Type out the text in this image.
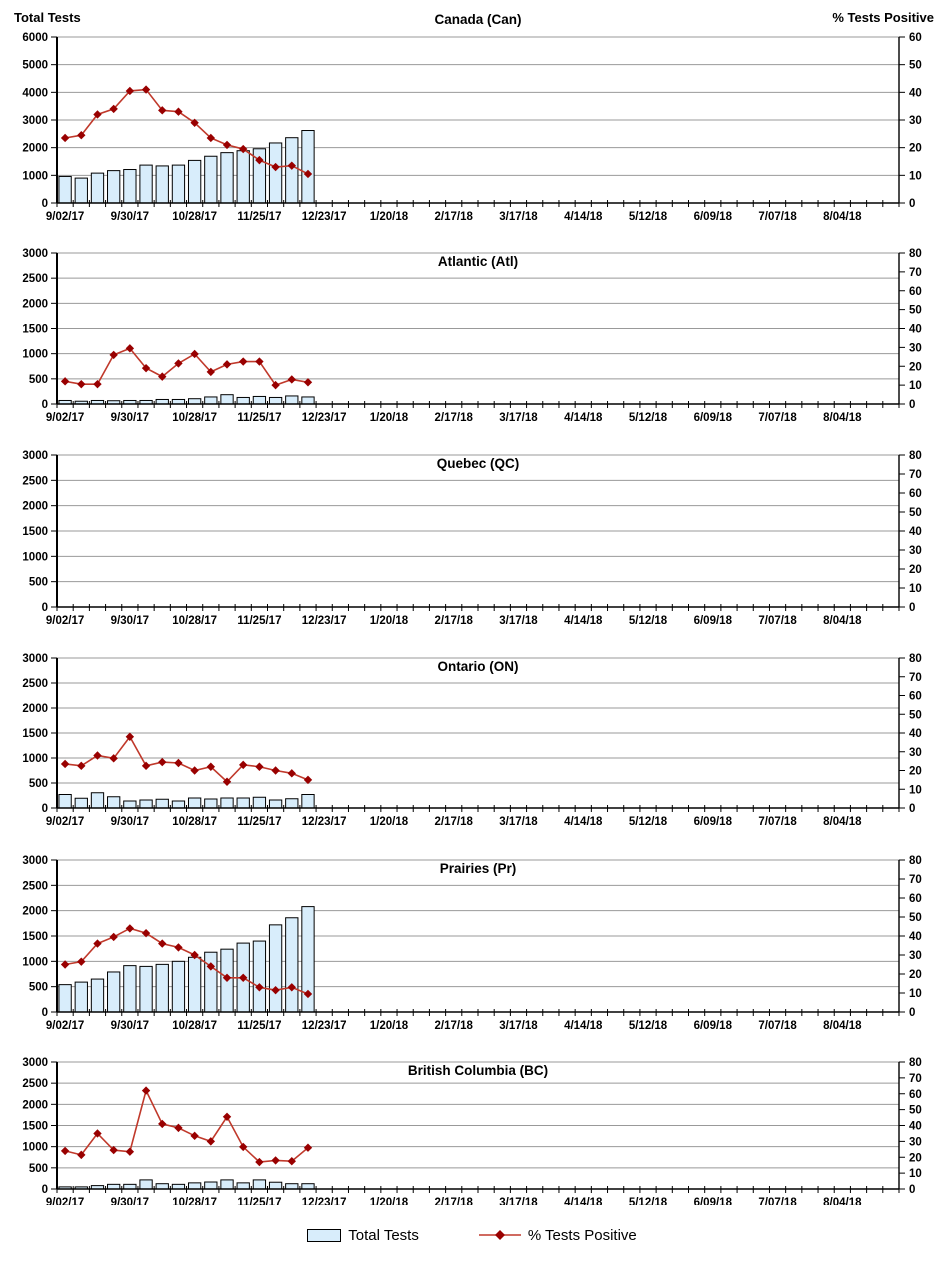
Total Tests	Canada (Can)	% Tests Positive
0
1000
2000
3000
4000
5000
6000
0
10
20
30
40
50
60
9/02/17 9/30/17 10/28/17 11/25/17 12/23/17 1/20/18 2/17/18 3/17/18 4/14/18 5/12/18 6/09/18 7/07/18 8/04/18
Atlantic (Atl)
0
500
1000
1500
2000
2500
3000
0
10
20
30
40
50
60
70
80
9/02/17 9/30/17 10/28/17 11/25/17 12/23/17 1/20/18 2/17/18 3/17/18 4/14/18 5/12/18 6/09/18 7/07/18 8/04/18
Quebec (QC)
0
500
1000
1500
2000
2500
3000
0
10
20
30
40
50
60
70
80
9/02/17 9/30/17 10/28/17 11/25/17 12/23/17 1/20/18 2/17/18 3/17/18 4/14/18 5/12/18 6/09/18 7/07/18 8/04/18
Ontario (ON)
0
500
1000
1500
2000
2500
3000
0
10
20
30
40
50
60
70
80
9/02/17 9/30/17 10/28/17 11/25/17 12/23/17 1/20/18 2/17/18 3/17/18 4/14/18 5/12/18 6/09/18 7/07/18 8/04/18
Prairies (Pr)
0
500
1000
1500
2000
2500
3000
0
10
20
30
40
50
60
70
80
9/02/17 9/30/17 10/28/17 11/25/17 12/23/17 1/20/18 2/17/18 3/17/18 4/14/18 5/12/18 6/09/18 7/07/18 8/04/18
British Columbia (BC)
0
500
1000
1500
2000
2500
3000
0
10
20
30
40
50
60
70
80
9/02/17 9/30/17 10/28/17 11/25/17 12/23/17 1/20/18 2/17/18 3/17/18 4/14/18 5/12/18 6/09/18 7/07/18 8/04/18
Total Tests	% Tests Positive
